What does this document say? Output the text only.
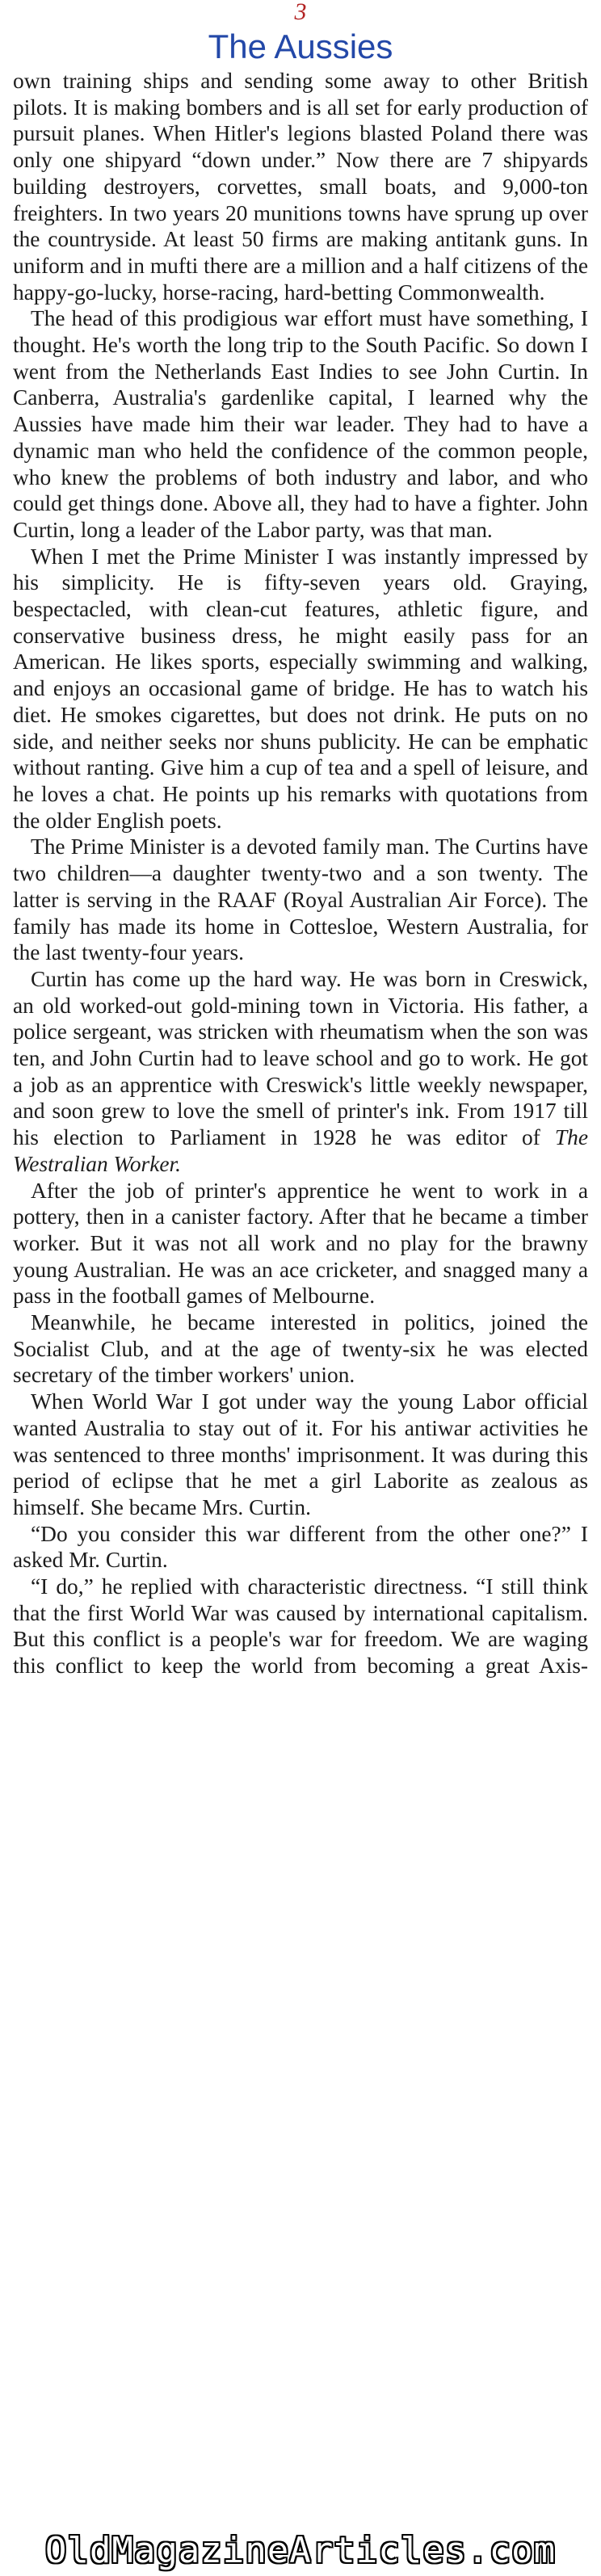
3
The Aussies

own training ships and sending some away to other British pilots. It is making bombers and is all set for early production of pursuit planes. When Hitler's legions blasted Poland there was only one shipyard “down under.” Now there are 7 shipyards building destroyers, corvettes, small boats, and 9,000-ton freighters. In two years 20 munitions towns have sprung up over the countryside. At least 50 firms are making antitank guns. In uniform and in mufti there are a million and a half citizens of the happy-go-lucky, horse-racing, hard-betting Commonwealth.

The head of this prodigious war effort must have something, I thought. He's worth the long trip to the South Pacific. So down I went from the Netherlands East Indies to see John Curtin. In Canberra, Australia's gardenlike capital, I learned why the Aussies have made him their war leader. They had to have a dynamic man who held the confidence of the common people, who knew the problems of both industry and labor, and who could get things done. Above all, they had to have a fighter. John Curtin, long a leader of the Labor party, was that man.

When I met the Prime Minister I was instantly impressed by his simplicity. He is fifty-seven years old. Graying, bespectacled, with clean-cut features, athletic figure, and conservative business dress, he might easily pass for an American. He likes sports, especially swimming and walking, and enjoys an occasional game of bridge. He has to watch his diet. He smokes cigarettes, but does not drink. He puts on no side, and neither seeks nor shuns publicity. He can be emphatic without ranting. Give him a cup of tea and a spell of leisure, and he loves a chat. He points up his remarks with quotations from the older English poets.

The Prime Minister is a devoted family man. The Curtins have two children—a daughter twenty-two and a son twenty. The latter is serving in the RAAF (Royal Australian Air Force). The family has made its home in Cottesloe, Western Australia, for the last twenty-four years.

Curtin has come up the hard way. He was born in Creswick, an old worked-out gold-mining town in Victoria. His father, a police sergeant, was stricken with rheumatism when the son was ten, and John Curtin had to leave school and go to work. He got a job as an apprentice with Creswick's little weekly newspaper, and soon grew to love the smell of printer's ink. From 1917 till his election to Parliament in 1928 he was editor of The Westralian Worker.

After the job of printer's apprentice he went to work in a pottery, then in a canister factory. After that he became a timber worker. But it was not all work and no play for the brawny young Australian. He was an ace cricketer, and snagged many a pass in the football games of Melbourne.

Meanwhile, he became interested in politics, joined the Socialist Club, and at the age of twenty-six he was elected secretary of the timber workers' union.

When World War I got under way the young Labor official wanted Australia to stay out of it. For his antiwar activities he was sentenced to three months' imprisonment. It was during this period of eclipse that he met a girl Laborite as zealous as himself. She became Mrs. Curtin.

“Do you consider this war different from the other one?” I asked Mr. Curtin.

“I do,” he replied with characteristic directness. “I still think that the first World War was caused by international capitalism. But this conflict is a people's war for freedom. We are waging this conflict to keep the world from becoming a great Axis-

OldMagazineArticles.com
